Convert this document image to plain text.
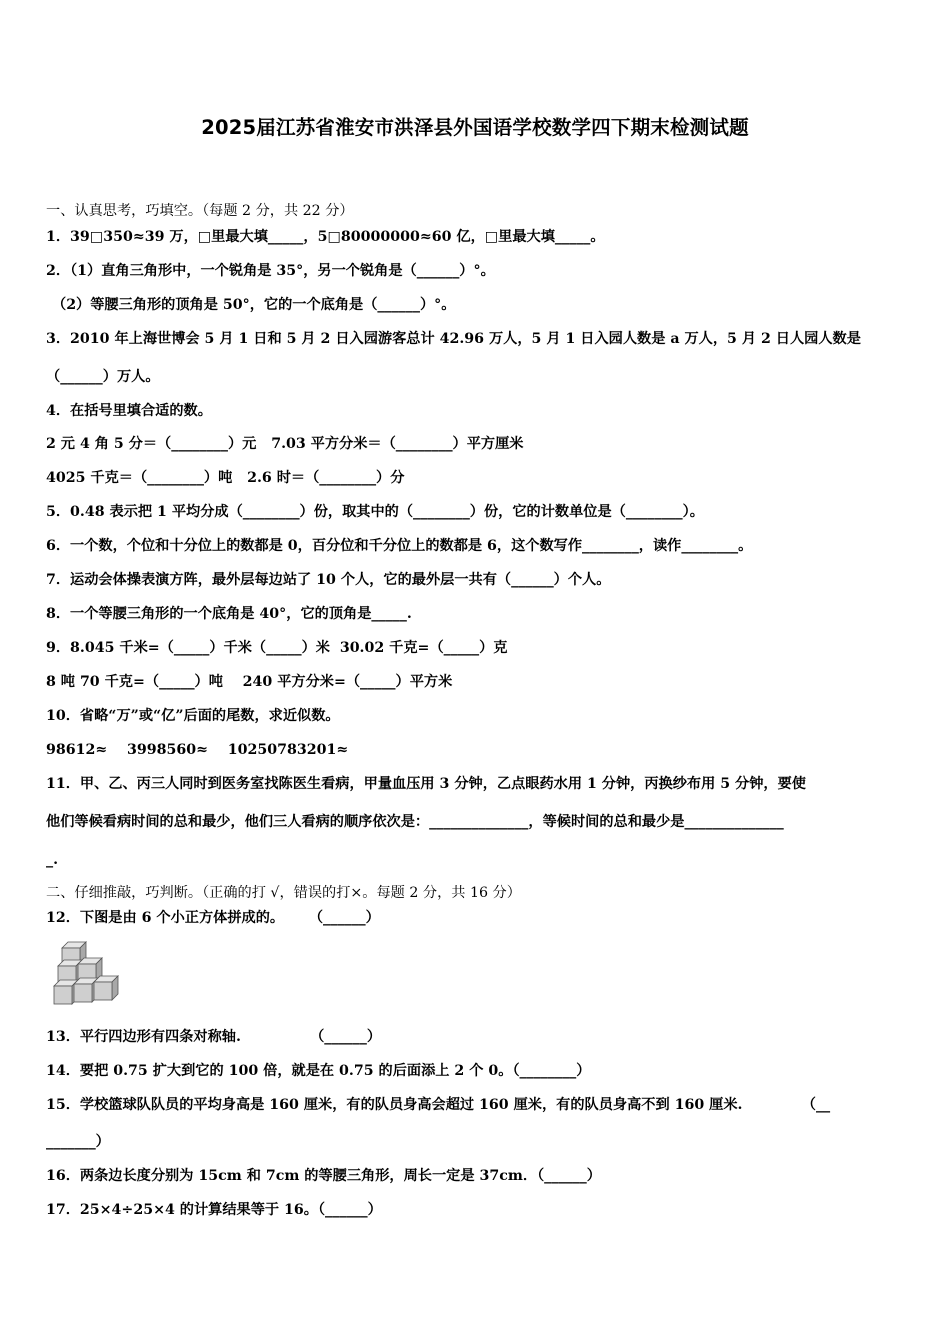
2025届江苏省淮安市洪泽县外国语学校数学四下期末检测试题
一、认真思考，巧填空。（每题 2 分，共 22 分）
1．39□350≈39 万，□里最大填_____，5□80000000≈60 亿，□里最大填_____。
2．（1）直角三角形中，一个锐角是 35°，另一个锐角是（______）°。
（2）等腰三角形的顶角是 50°，它的一个底角是（______）°。
3．2010 年上海世博会 5 月 1 日和 5 月 2 日入园游客总计 42.96 万人，5 月 1 日入园人数是 a 万人，5 月 2 日人园人数是
（______）万人。
4．在括号里填合适的数。
2 元 4 角 5 分＝（________）元   7.03 平方分米＝（________）平方厘米
4025 千克＝（________）吨   2.6 时＝（________）分
5．0.48 表示把 1 平均分成（________）份，取其中的（________）份，它的计数单位是（________）。
6．一个数，个位和十分位上的数都是 0，百分位和千分位上的数都是 6，这个数写作________，读作________。
7．运动会体操表演方阵，最外层每边站了 10 个人，它的最外层一共有（______）个人。
8．一个等腰三角形的一个底角是 40°，它的顶角是_____.
9．8.045 千米=（_____）千米（_____）米  30.02 千克=（_____）克
8 吨 70 千克=（_____）吨    240 平方分米=（_____）平方米
10．省略“万”或“亿”后面的尾数，求近似数。
98612≈    3998560≈    10250783201≈
11．甲、乙、丙三人同时到医务室找陈医生看病，甲量血压用 3 分钟，乙点眼药水用 1 分钟，丙换纱布用 5 分钟，要使
他们等候看病时间的总和最少，他们三人看病的顺序依次是：______________，等候时间的总和最少是______________
_.
二、仔细推敲，巧判断。（正确的打 √，错误的打×。每题 2 分，共 16 分）
12．下图是由 6 个小正方体拼成的。     （______）
13．平行四边形有四条对称轴.              （______）
14．要把 0.75 扩大到它的 100 倍，就是在 0.75 的后面添上 2 个 0。（________）
15．学校篮球队队员的平均身高是 160 厘米，有的队员身高会超过 160 厘米，有的队员身高不到 160 厘米.            （__
_______）
16．两条边长度分别为 15cm 和 7cm 的等腰三角形，周长一定是 37cm．（______）
17．25×4÷25×4 的计算结果等于 16。（______）
